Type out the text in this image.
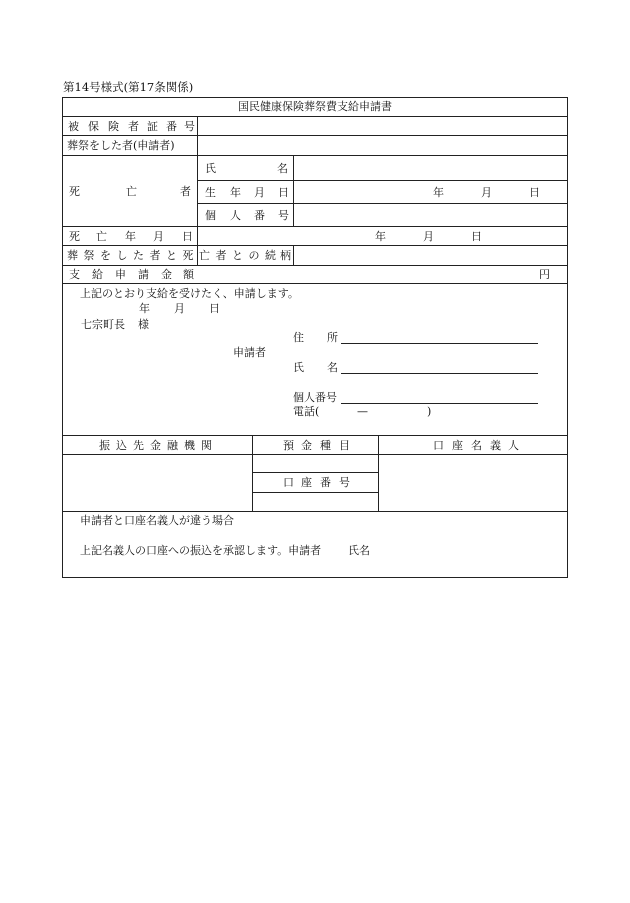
第14号様式(第17条関係)
国民健康保険葬祭費支給申請書
被 保 険 者 証 番 号
葬祭をした者(申請者)
死	亡	者
氏	名
生 年 月 日	年	月	日
個 人 番 号
死 亡 年 月 日	年	月	日
葬 祭 を し た 者 と 死 亡 者 と の 続 柄
支 給 申 請 金 額	円
上記のとおり支給を受けたく、申請します。
年 月 日
七宗町長 様
申請者
住 所
氏 名
個人番号
電話(	—	)
振 込 先 金 融 機 関	預 金 種 目	口 座 名 義 人
口 座 番 号
申請者と口座名義人が違う場合
上記名義人の口座への振込を承認します。申請者 氏名
